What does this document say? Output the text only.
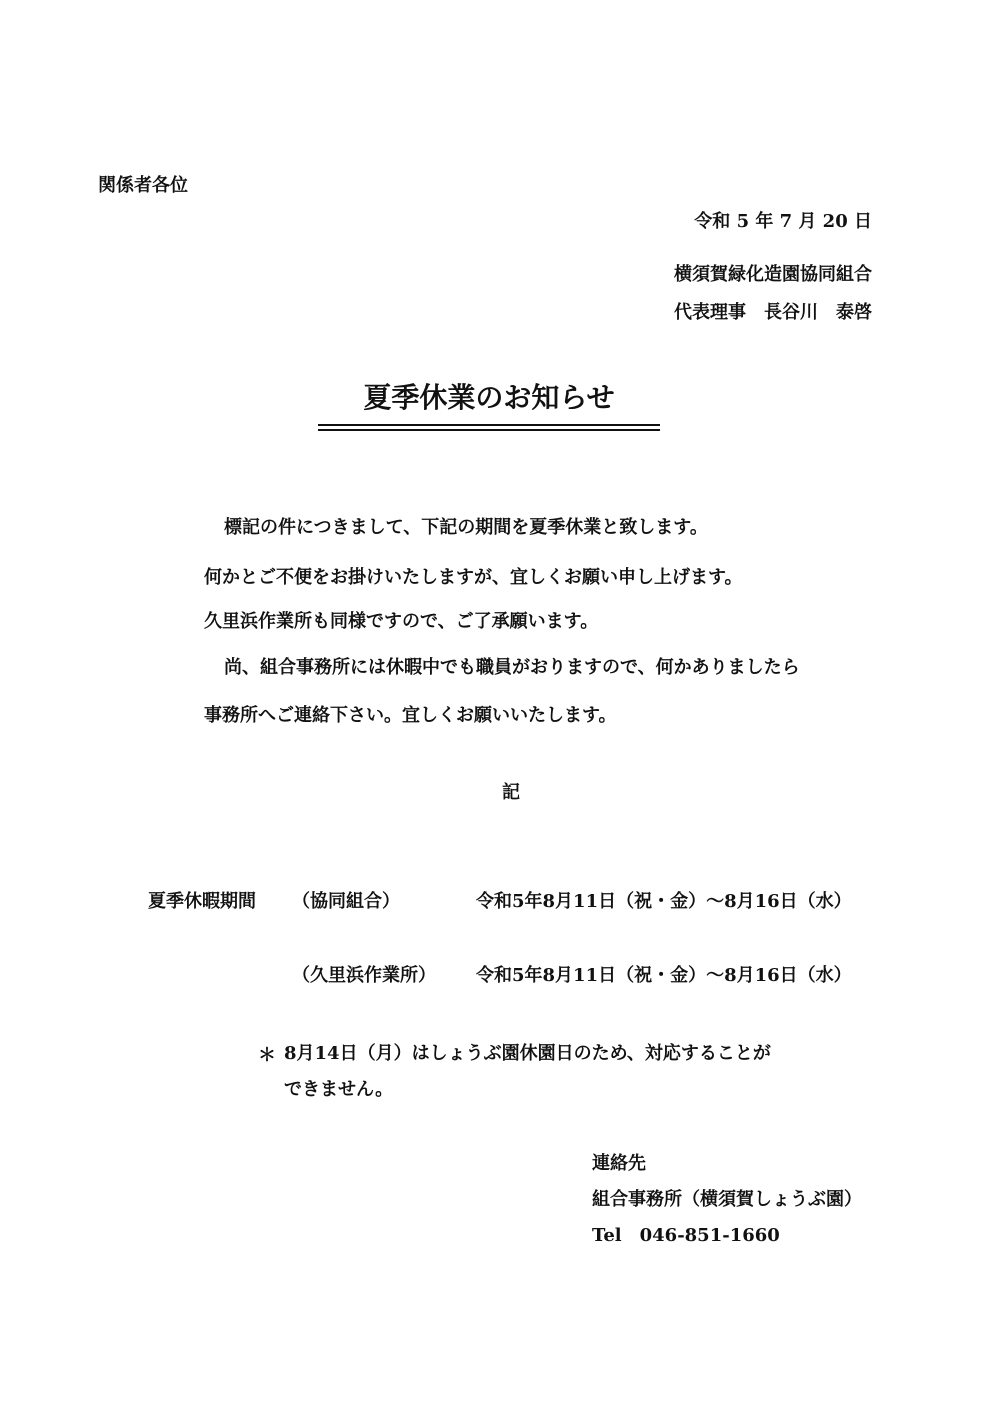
関係者各位
令和 5 年 7 月 20 日
横須賀緑化造園協同組合
代表理事　長谷川　泰啓
夏季休業のお知らせ
標記の件につきまして、下記の期間を夏季休業と致します。
何かとご不便をお掛けいたしますが、宜しくお願い申し上げます。
久里浜作業所も同様ですので、ご了承願います。
尚、組合事務所には休暇中でも職員がおりますので、何かありましたら
事務所へご連絡下さい。宜しくお願いいたします。
記
夏季休暇期間 （協同組合）	令和5年8月11日（祝・金）～8月16日（水）
（久里浜作業所） 令和5年8月11日（祝・金）～8月16日（水）
＊ 8月14日（月）はしょうぶ園休園日のため、対応することが
できません。
連絡先
組合事務所（横須賀しょうぶ園）
Tel　046-851-1660
